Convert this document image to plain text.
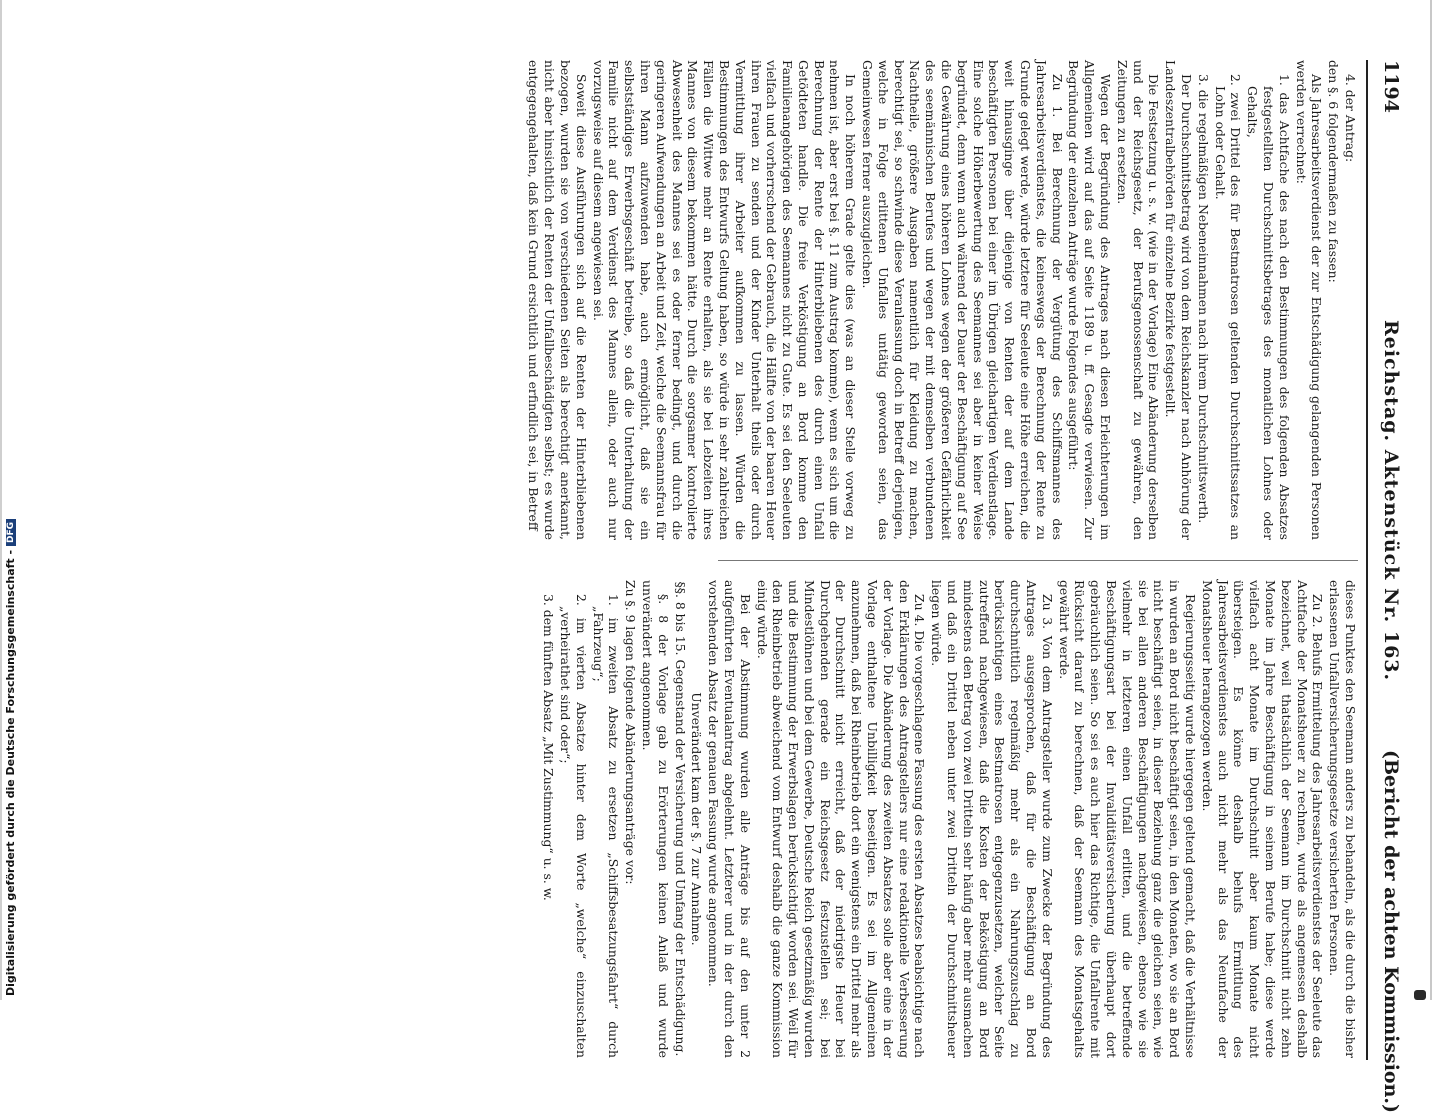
Digitalisierung gefördert durch die Deutsche Forschungsgemeinschaft -DFG
1194
Reichstag. Aktenstück Nr. 163.
(Bericht der achten Kommission.)

4. der Antrag:

den §. 6 folgendermaßen zu fassen:

Als Jahresarbeitsverdienst der zur Entschädigung gelangenden Personen werden verrechnet:

1. das Achtfache des nach den Bestimmungen des folgenden Absatzes festgestellten Durchschnittsbetrages des monatlichen Lohnes oder Gehalts,

2. zwei Drittel des für Bestmatrosen geltenden Durchschnittssatzes an Lohn oder Gehalt.

3. die regelmäßigen Nebeneinnahmen nach ihrem Durchschnittswerth.

Der Durchschnittsbetrag wird von dem Reichskanzler nach Anhörung der Landeszentralbehörden für einzelne Bezirke festgestellt.

Die Festsetzung u. s. w. (wie in der Vorlage) Eine Abänderung derselben und der Reichsgesetz, der Berufsgenossenschaft zu gewähren, den Zeitungen zu ersetzen.

Wegen der Begründung des Antrages nach diesen Erleichterungen im Allgemeinen wird auf das auf Seite 1189 u. ff. Gesagte verwiesen. Zur Begründung der einzelnen Anträge wurde Folgendes ausgeführt:

Zu 1. Bei Berechnung der Vergütung des Schiffsmannes des Jahresarbeitsverdienstes, die keineswegs der Berechnung der Rente zu Grunde gelegt werde, würde letztere für Seeleute eine Höhe erreichen, die weit hinausginge über diejenige von Renten der auf dem Lande beschäftigten Personen bei einer im Übrigen gleichartigen Verdienstlage. Eine solche Höherbewertung des Seemannes sei aber in keiner Weise begründet, denn wenn auch während der Dauer der Beschäftigung auf See die Gewährung eines höheren Lohnes wegen der größeren Gefährlichkeit des seemännischen Berufes und wegen der mit demselben verbundenen Nachtheile, größere Ausgaben namentlich für Kleidung zu machen, berechtigt sei, so schwinde diese Veranlassung doch in Betreff derjenigen, welche in Folge erlittenen Unfalles untätig geworden seien, das Gemeinwesen ferner auszugleichen.

In noch höherem Grade gelte dies (was an dieser Stelle vorweg zu nehmen ist, aber erst bei §. 11 zum Austrag komme), wenn es sich um die Berechnung der Rente der Hinterbliebenen des durch einen Unfall Getödteten handle. Die freie Verköstigung an Bord komme den Familienangehörigen des Seemannes nicht zu Gute. Es sei den Seeleuten vielfach und vorherrschend der Gebrauch, die Hälfte von der baaren Heuer ihren Frauen zu senden und der Kinder Unterhalt theils oder durch Vermittlung ihrer Arbeiter aufkommen zu lassen. Würden die Bestimmungen des Entwurfs Geltung haben, so würde in sehr zahlreichen Fällen die Wittwe mehr an Rente erhalten, als sie bei Lebzeiten ihres Mannes von diesem bekommen hätte. Durch die sorgsamer kontrolierte Abwesenheit des Mannes sei es oder ferner bedingt, und durch die geringeren Aufwendungen an Arbeit und Zeit, welche die Seemannsfrau für ihren Mann aufzuwenden habe, auch ermöglicht, daß sie ein selbstständiges Erwerbsgeschäft betreibe, so daß die Unterhaltung der Familie nicht auf dem Verdienst des Mannes allein, oder auch nur vorzugsweise auf diesem angewiesen sei.

Soweit diese Ausführungen sich auf die Renten der Hinterbliebenen bezogen, wurden sie von verschiedenen Seiten als berechtigt anerkannt, nicht aber hinsichtlich der Renten der Unfallbeschädigten selbst; es wurde entgegengehalten, daß kein Grund ersichtlich und erfindlich sei, in Betreff

dieses Punktes den Seemann anders zu behandeln, als die durch die bisher erlassenen Unfallversicherungsgesetze versicherten Personen.

Zu 2. Behufs Ermittelung des Jahresarbeitsverdienstes der Seeleute das Achtfache der Monatsheuer zu rechnen, wurde als angemessen deshalb bezeichnet, weil thatsächlich der Seemann im Durchschnitt nicht zehn Monate im Jahre Beschäftigung in seinem Berufe habe; diese werde vielfach acht Monate im Durchschnitt aber kaum Monate nicht übersteigen. Es könne deshalb behufs Ermittlung des Jahresarbeitsverdienstes auch nicht mehr als das Neunfache der Monatsheuer herangezogen werden.

Regierungsseitig wurde hiergegen geltend gemacht, daß die Verhältnisse in wurden an Bord nicht beschäftigt seien, in den Monaten, wo sie an Bord nicht beschäftigt seien, in dieser Beziehung ganz die gleichen seien, wie sie bei allen anderen Beschäftigungen nachgewiesen, ebenso wie sie vielmehr in letzteren einen Unfall erlitten, und die betreffende Beschäftigungsart bei der Invaliditätsversicherung überhaupt dort gebräuchlich seien. So sei es auch hier das Richtige, die Unfallrente mit Rücksicht darauf zu berechnen, daß der Seemann des Monatsgehalts gewährt werde.

Zu 3. Von dem Antragsteller wurde zum Zwecke der Begründung des Antrages ausgesprochen, daß für die Beschäftigung an Bord durchschnittlich regelmäßig mehr als ein Nahrungszuschlag zu berücksichtigen eines Bestmatrosen entgegenzusetzen, welcher Seite zutreffend nachgewiesen, daß die Kosten der Beköstigung an Bord mindestens den Betrag von zwei Dritteln sehr häufig aber mehr ausmachen und daß ein Drittel neben unter zwei Dritteln der Durchschnittsheuer liegen würde.

Zu 4. Die vorgeschlagene Fassung des ersten Absatzes beabsichtige nach den Erklärungen des Antragstellers nur eine redaktionelle Verbesserung der Vorlage. Die Abänderung des zweiten Absatzes solle aber eine in der Vorlage enthaltene Unbilligkeit beseitigen. Es sei im Allgemeinen anzunehmen, daß bei Rheinbetrieb dort ein wenigstens ein Drittel mehr als der Durchschnitt nicht erreicht, daß der niedrigste Heuer bei Durchgehenden gerade ein Reichsgesetz festzustellen sei; bei Mindestlöhnen und bei dem Gewerbe, Deutsche Reich gesetzmäßig wurden und die Bestimmung der Erwerbslagen berücksichtigt worden sei. Weil für den Rheinbetrieb abweichend vom Entwurf deshalb die ganze Kommission einig würde.

Bei der Abstimmung wurden alle Anträge bis auf den unter 2 aufgeführten Eventualantrag abgelehnt. Letzterer und in der durch den vorstehenden Absatz der genauen Fassung wurde angenommen.

Unverändert kam der §. 7 zur Annahme.

§§. 8 bis 15. Gegenstand der Versicherung und Umfang der Entschädigung.

§. 8 der Vorlage gab zu Erörterungen keinen Anlaß und wurde unverändert angenommen.

Zu §. 9 lagen folgende Abänderungsanträge vor:

1. im zweiten Absatz zu ersetzen „Schiffsbesatzungsfahrt“ durch „Fahrzeug“;

2. im vierten Absatze hinter dem Worte „welche“ einzuschalten „verheirathet sind oder“;

3. dem fünften Absatz „Mit Zustimmung“ u. s. w.
